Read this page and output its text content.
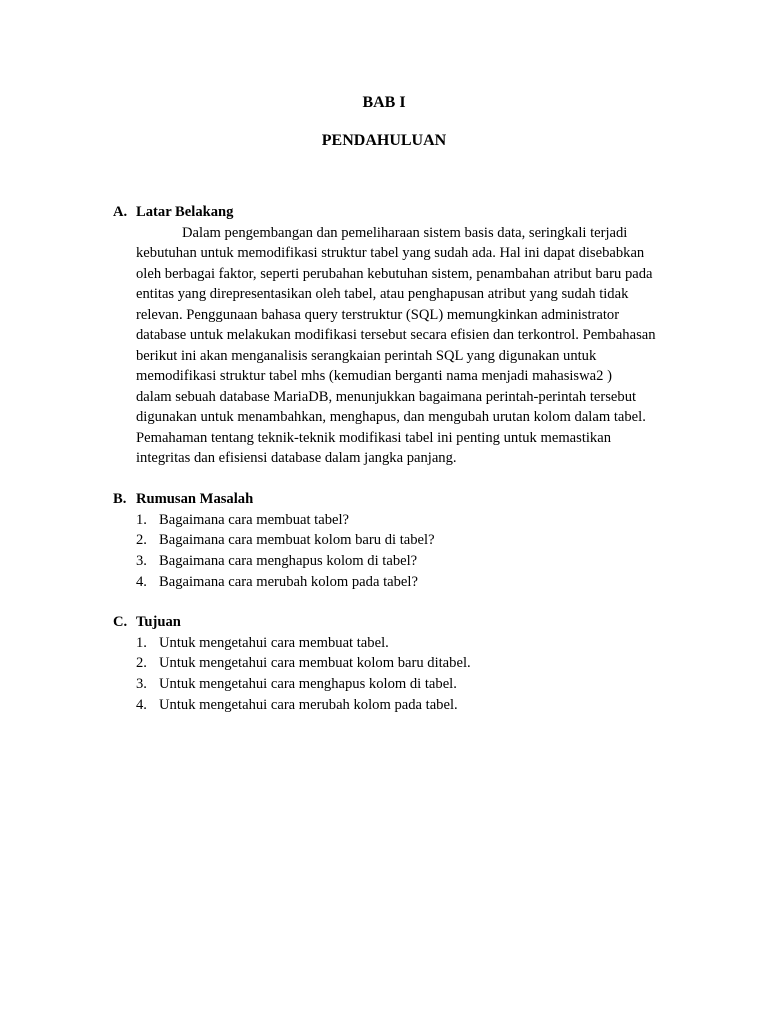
BAB I
PENDAHULUAN
A. Latar Belakang

Dalam pengembangan dan pemeliharaan sistem basis data, seringkali terjadi
kebutuhan untuk memodifikasi struktur tabel yang sudah ada. Hal ini dapat disebabkan
oleh berbagai faktor, seperti perubahan kebutuhan sistem, penambahan atribut baru pada
entitas yang direpresentasikan oleh tabel, atau penghapusan atribut yang sudah tidak
relevan. Penggunaan bahasa query terstruktur (SQL) memungkinkan administrator
database untuk melakukan modifikasi tersebut secara efisien dan terkontrol. Pembahasan
berikut ini akan menganalisis serangkaian perintah SQL yang digunakan untuk
memodifikasi struktur tabel mhs (kemudian berganti nama menjadi mahasiswa2 )
dalam sebuah database MariaDB, menunjukkan bagaimana perintah-perintah tersebut
digunakan untuk menambahkan, menghapus, dan mengubah urutan kolom dalam tabel.
Pemahaman tentang teknik-teknik modifikasi tabel ini penting untuk memastikan
integritas dan efisiensi database dalam jangka panjang.

B. Rumusan Masalah
1. Bagaimana cara membuat tabel?
2. Bagaimana cara membuat kolom baru di tabel?
3. Bagaimana cara menghapus kolom di tabel?
4. Bagaimana cara merubah kolom pada tabel?
C. Tujuan
1. Untuk mengetahui cara membuat tabel.
2. Untuk mengetahui cara membuat kolom baru ditabel.
3. Untuk mengetahui cara menghapus kolom di tabel.
4. Untuk mengetahui cara merubah kolom pada tabel.
